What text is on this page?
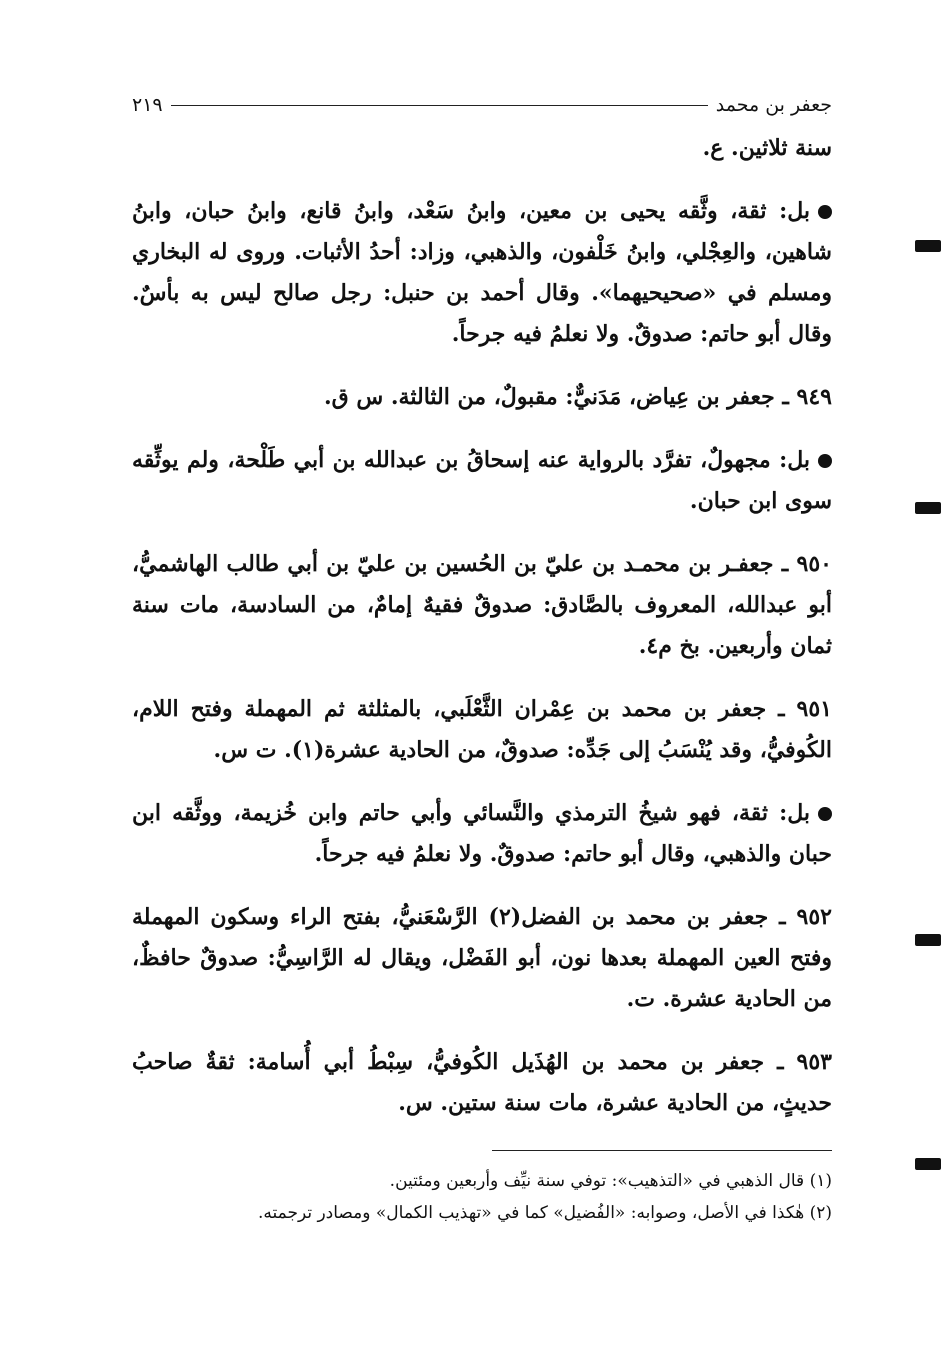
جعفر بن محمد
٢١٩

سنة ثلاثين. ع.

بل: ثقة، وثَّقه يحيى بن معين، وابنُ سَعْد، وابنُ قانع، وابنُ حبان، وابنُ شاهين، والعِجْلي، وابنُ خَلْفون، والذهبي، وزاد: أحدُ الأثبات. وروى له البخاري ومسلم في «صحيحيهما». وقال أحمد بن حنبل: رجل صالح ليس به بأسٌ. وقال أبو حاتم: صدوقٌ. ولا نعلمُ فيه جرحاً.

٩٤٩ ـ جعفر بن عِياض، مَدَنيٌّ: مقبولٌ، من الثالثة. س ق.

بل: مجهولٌ، تفرَّد بالرواية عنه إسحاقُ بن عبدالله بن أبي طَلْحة، ولم يوثِّقه سوى ابن حبان.

٩٥٠ ـ جعفـر بن محمـد بن عليّ بن الحُسين بن عليّ بن أبي طالب الهاشميُّ، أبو عبدالله، المعروف بالصَّادق: صدوقٌ فقيهٌ إمامٌ، من السادسة، مات سنة ثمان وأربعين. بخ م٤.

٩٥١ ـ جعفر بن محمد بن عِمْران الثَّعْلَبي، بالمثلثة ثم المهملة وفتح اللام، الكُوفيُّ، وقد يُنْسَبُ إلى جَدِّه: صدوقٌ، من الحادية عشرة(١). ت س.

بل: ثقة، فهو شيخُ الترمذي والنَّسائي وأبي حاتم وابن خُزيمة، ووثَّقه ابن حبان والذهبي، وقال أبو حاتم: صدوقٌ. ولا نعلمُ فيه جرحاً.

٩٥٢ ـ جعفر بن محمد بن الفضل(٢) الرَّسْعَنيُّ، بفتح الراء وسكون المهملة وفتح العين المهملة بعدها نون، أبو الفَضْل، ويقال له الرَّاسِيُّ: صدوقٌ حافظٌ، من الحادية عشرة. ت.

٩٥٣ ـ جعفر بن محمد بن الهُذَيل الكُوفيُّ، سِبْطُ أبي أُسامة: ثقةٌ صاحبُ حديثٍ، من الحادية عشرة، مات سنة ستين. س.

(١) قال الذهبي في «التذهيب»: توفي سنة نيِّف وأربعين ومئتين.

(٢) هٰكذا في الأصل، وصوابه: «الفُضيل» كما في «تهذيب الكمال» ومصادر ترجمته.
